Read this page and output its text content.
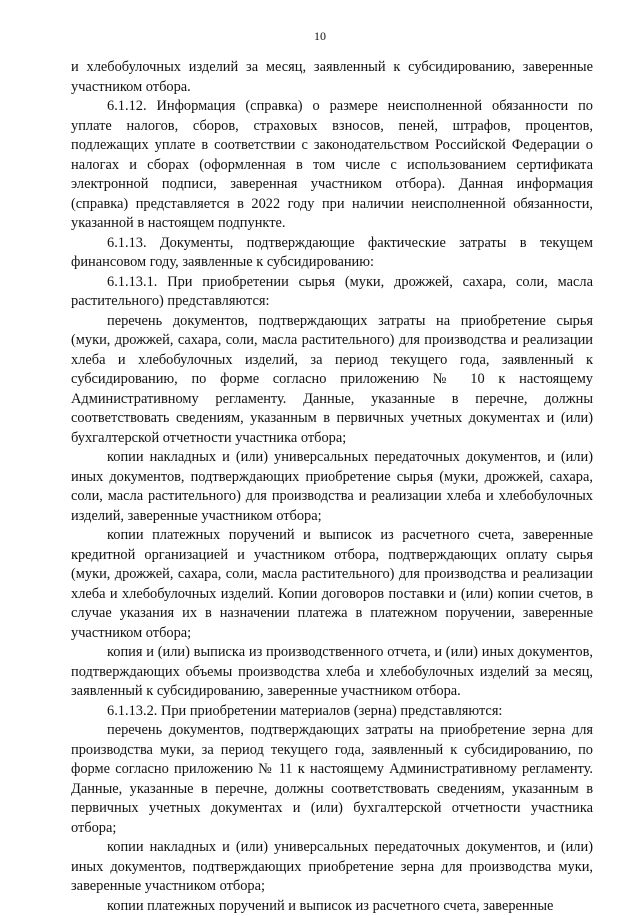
10

и хлебобулочных изделий за месяц, заявленный к субсидированию, заверенные участником отбора.

6.1.12. Информация (справка) о размере неисполненной обязанности по уплате налогов, сборов, страховых взносов, пеней, штрафов, процентов, подлежащих уплате в соответствии с законодательством Российской Федерации о налогах и сборах (оформленная в том числе с использованием сертификата электронной подписи, заверенная участником отбора). Данная информация (справка) представляется в 2022 году при наличии неисполненной обязанности, указанной в настоящем подпункте.

6.1.13. Документы, подтверждающие фактические затраты в текущем финансовом году, заявленные к субсидированию:

6.1.13.1. При приобретении сырья (муки, дрожжей, сахара, соли, масла растительного) представляются:

перечень документов, подтверждающих затраты на приобретение сырья (муки, дрожжей, сахара, соли, масла растительного) для производства и реализации хлеба и хлебобулочных изделий, за период текущего года, заявленный к субсидированию, по форме согласно приложению № 10 к настоящему Административному регламенту. Данные, указанные в перечне, должны соответствовать сведениям, указанным в первичных учетных документах и (или) бухгалтерской отчетности участника отбора;

копии накладных и (или) универсальных передаточных документов, и (или) иных документов, подтверждающих приобретение сырья (муки, дрожжей, сахара, соли, масла растительного) для производства и реализации хлеба и хлебобулочных изделий, заверенные участником отбора;

копии платежных поручений и выписок из расчетного счета, заверенные кредитной организацией и участником отбора, подтверждающих оплату сырья (муки, дрожжей, сахара, соли, масла растительного) для производства и реализации хлеба и хлебобулочных изделий. Копии договоров поставки и (или) копии счетов, в случае указания их в назначении платежа в платежном поручении, заверенные участником отбора;

копия и (или) выписка из производственного отчета, и (или) иных документов, подтверждающих объемы производства хлеба и хлебобулочных изделий за месяц, заявленный к субсидированию, заверенные участником отбора.

6.1.13.2. При приобретении материалов (зерна) представляются:

перечень документов, подтверждающих затраты на приобретение зерна для производства муки, за период текущего года, заявленный к субсидированию, по форме согласно приложению № 11 к настоящему Административному регламенту. Данные, указанные в перечне, должны соответствовать сведениям, указанным в первичных учетных документах и (или) бухгалтерской отчетности участника отбора;

копии накладных и (или) универсальных передаточных документов, и (или) иных документов, подтверждающих приобретение зерна для производства муки, заверенные участником отбора;

копии платежных поручений и выписок из расчетного счета, заверенные
